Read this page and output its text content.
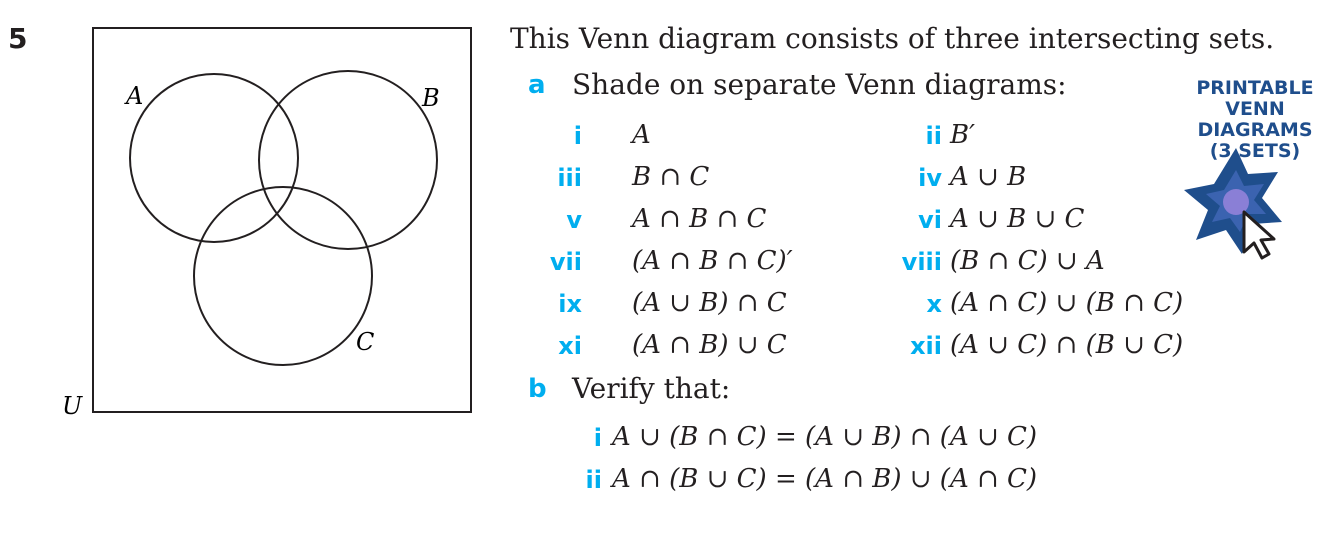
5
A	B
C
U
This Venn diagram consists of three intersecting sets.
a Shade on separate Venn diagrams:
i A
iii B ∩ C
v A ∩ B ∩ C
vii (A ∩ B ∩ C)′
ix (A ∪ B) ∩ C
xi (A ∩ B) ∪ C
ii B′
iv A ∪ B
vi A ∪ B ∪ C
viii (B ∩ C) ∪ A
x (A ∩ C) ∪ (B ∩ C)
xii (A ∪ C) ∩ (B ∪ C)
b Verify that:
i A ∪ (B ∩ C) = (A ∪ B) ∩ (A ∪ C)
ii A ∩ (B ∪ C) = (A ∩ B) ∪ (A ∩ C)
PRINTABLE
VENN DIAGRAMS
(3 SETS)
